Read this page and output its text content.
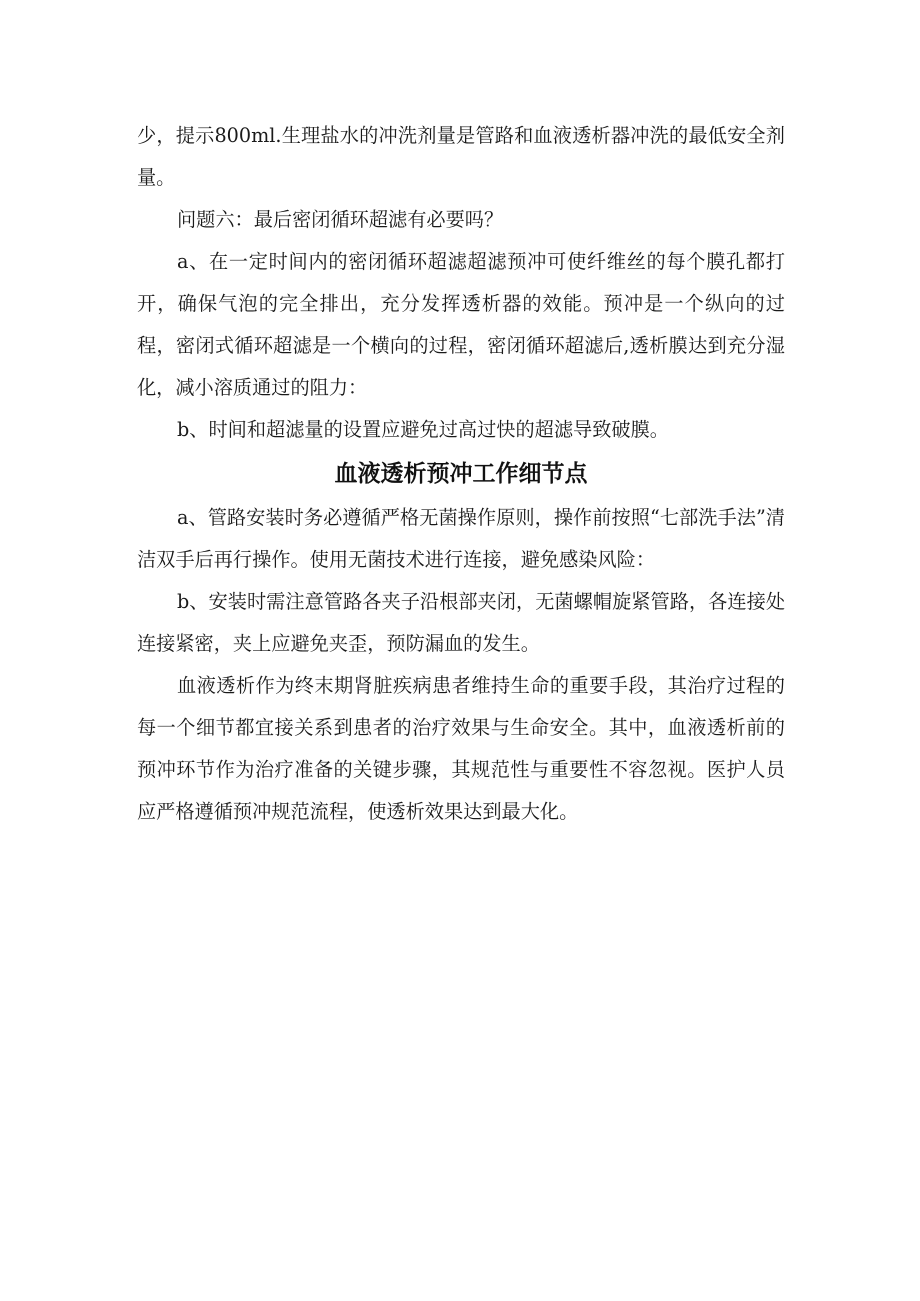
少，提示800ml.生理盐水的冲洗剂量是管路和血液透析器冲洗的最低安全剂量。

问题六：最后密闭循环超滤有必要吗？

a、在一定时间内的密闭循环超滤超滤预冲可使纤维丝的每个膜孔都打开，确保气泡的完全排出，充分发挥透析器的效能。预冲是一个纵向的过程，密闭式循环超滤是一个横向的过程，密闭循环超滤后,透析膜达到充分湿化，减小溶质通过的阻力：

b、时间和超滤量的设置应避免过高过快的超滤导致破膜。

血液透析预冲工作细节点

a、管路安装时务必遵循严格无菌操作原则，操作前按照“七部洗手法”清洁双手后再行操作。使用无菌技术进行连接，避免感染风险：

b、安装时需注意管路各夹子沿根部夹闭，无菌螺帽旋紧管路，各连接处连接紧密，夹上应避免夹歪，预防漏血的发生。

血液透析作为终末期肾脏疾病患者维持生命的重要手段，其治疗过程的每一个细节都宜接关系到患者的治疗效果与生命安全。其中，血液透析前的预冲环节作为治疗准备的关键步骤，其规范性与重要性不容忽视。医护人员应严格遵循预冲规范流程，使透析效果达到最大化。
